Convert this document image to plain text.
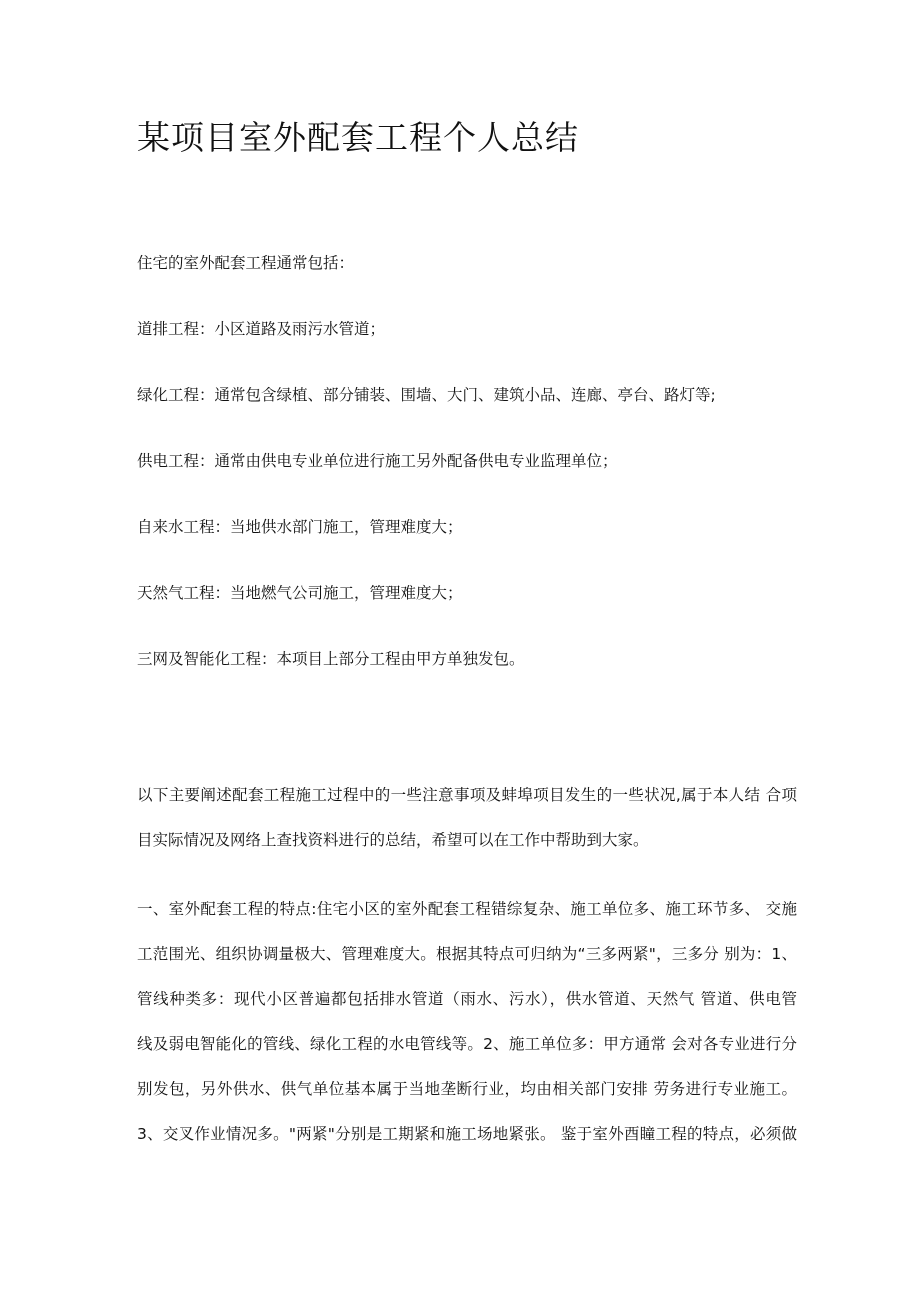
某项目室外配套工程个人总结

住宅的室外配套工程通常包括：

道排工程：小区道路及雨污水管道；

绿化工程：通常包含绿植、部分铺装、围墙、大门、建筑小品、连廊、亭台、路灯等;

供电工程：通常由供电专业单位进行施工另外配备供电专业监理单位；

自来水工程：当地供水部门施工，管理难度大；

天然气工程：当地燃气公司施工，管理难度大；

三网及智能化工程：本项目上部分工程由甲方单独发包。

以下主要阐述配套工程施工过程中的一些注意事项及蚌埠项目发生的一些状况,属于本人结 合项

目实际情况及网络上查找资料进行的总结，希望可以在工作中帮助到大家。

一、室外配套工程的特点:住宅小区的室外配套工程错综复杂、施工单位多、施工环节多、 交施

工范围光、组织协调量极大、管理难度大。根据其特点可归纳为“三多两紧"，三多分 别为：1、

管线种类多：现代小区普遍都包括排水管道（雨水、污水），供水管道、天然气 管道、供电管

线及弱电智能化的管线、绿化工程的水电管线等。2、施工单位多：甲方通常 会对各专业进行分

别发包，另外供水、供气单位基本属于当地垄断行业，均由相关部门安排 劳务进行专业施工。

3、交叉作业情况多。"两紧"分别是工期紧和施工场地紧张。 鉴于室外酉瞳工程的特点，必须做
